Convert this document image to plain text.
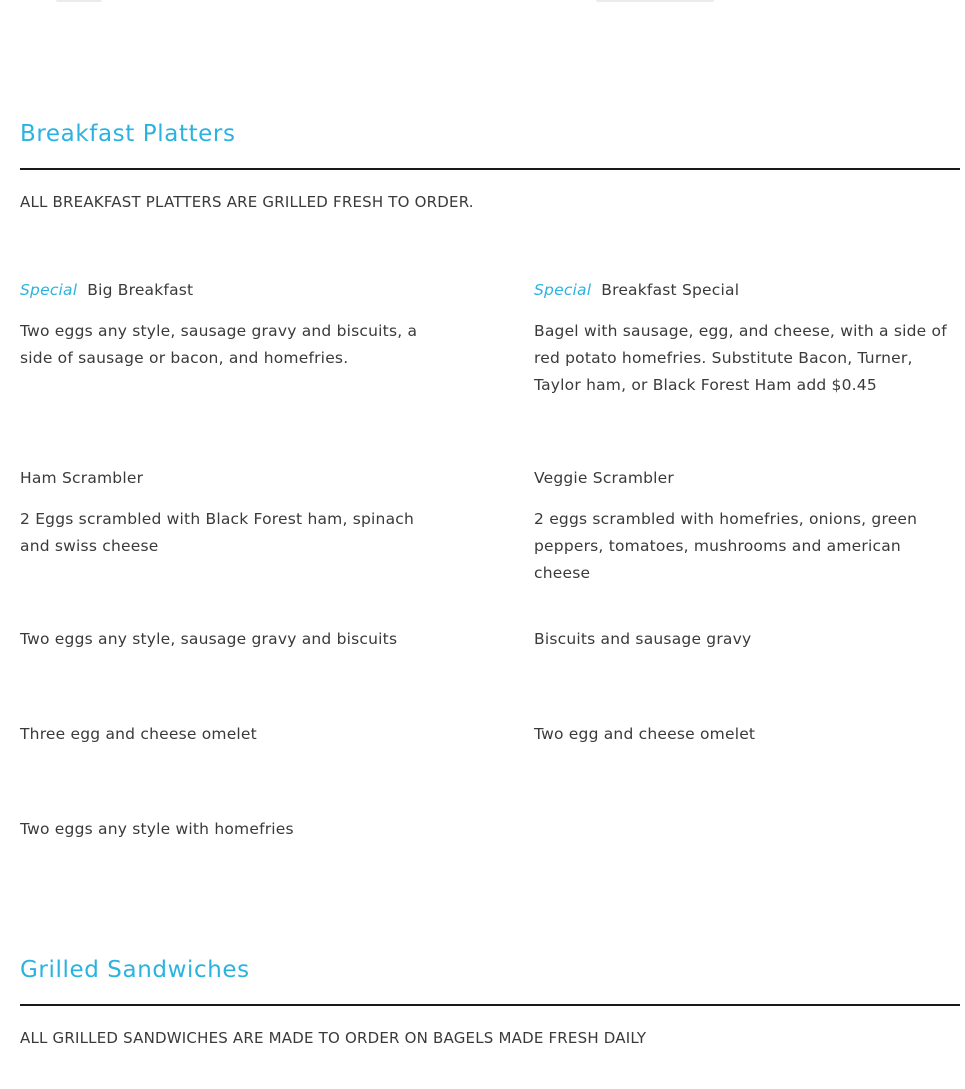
Breakfast Platters

ALL BREAKFAST PLATTERS ARE GRILLED FRESH TO ORDER.

Special Big Breakfast
Two eggs any style, sausage gravy and biscuits, a side of sausage or bacon, and homefries.
Special Breakfast Special
Bagel with sausage, egg, and cheese, with a side of red potato homefries. Substitute Bacon, Turner, Taylor ham, or Black Forest Ham add $0.45
Ham Scrambler
2 Eggs scrambled with Black Forest ham, spinach and swiss cheese
Veggie Scrambler
2 eggs scrambled with homefries, onions, green peppers, tomatoes, mushrooms and american cheese
Two eggs any style, sausage gravy and biscuits	Biscuits and sausage gravy
Three egg and cheese omelet	Two egg and cheese omelet
Two eggs any style with homefries
Grilled Sandwiches

ALL GRILLED SANDWICHES ARE MADE TO ORDER ON BAGELS MADE FRESH DAILY
